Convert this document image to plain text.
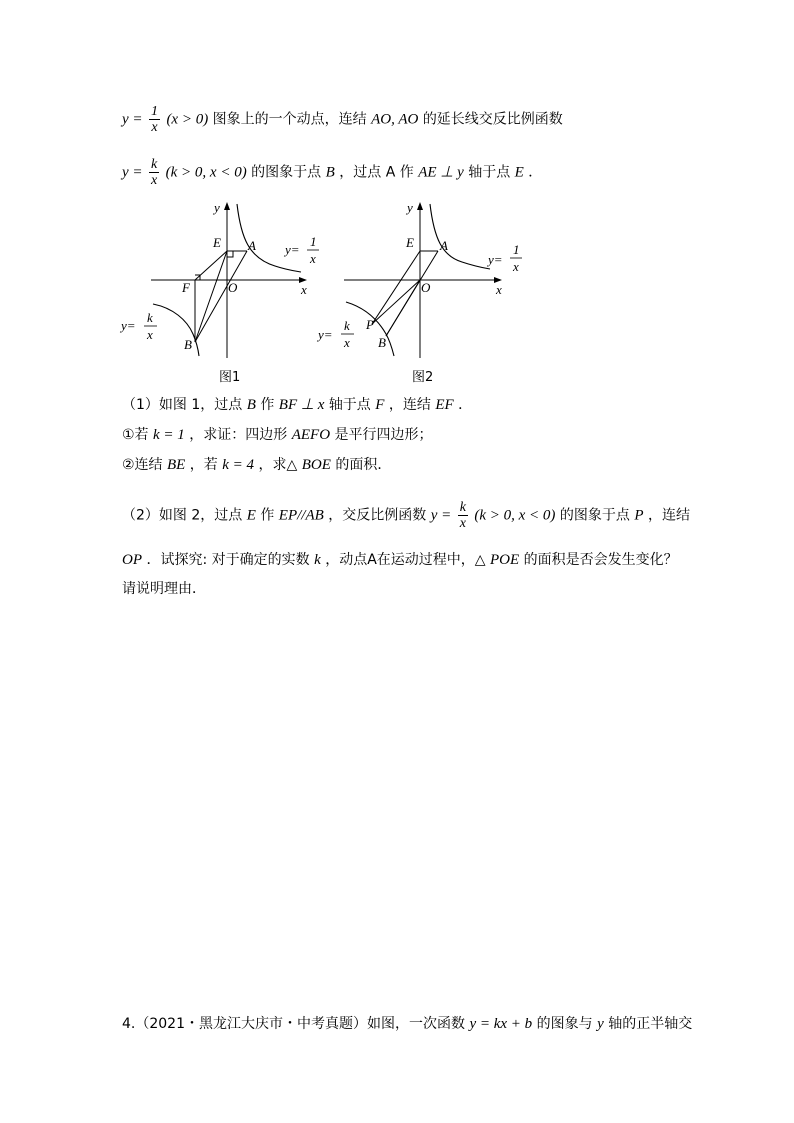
$y = \frac{1}{x} (x > 0)$ 图象上的一个动点，连结 AO, AO 的延长线交反比例函数
$y = \frac{k}{x} (k > 0$, x < 0) 的图象于点 B ，过点 A 作 AE ⊥ y 轴于点 E ．
y
x
E A
F	O
B
y=
1
x
y=
k
x
图1
y
x
E A
O
P
B
y=
1
x
y=
k
x
图2
（1）如图 1，过点 B 作 BF ⊥ x 轴于点 F ，连结 EF ．
①若 k = 1 ，求证：四边形 AEFO 是平行四边形；
②连结 BE ，若 k = 4 ，求△ BOE 的面积．
（2）如图 2，过点 E 作 EP//AB ，交反比例函数 $y = \frac{k}{x} (k > 0$, x < 0) 的图象于点 P ，连结
OP ．试探究: 对于确定的实数 k ，动点A在运动过程中，△ POE 的面积是否会发生变化？
请说明理由．
4.（2021・黑龙江大庆市・中考真题）如图，一次函数 y = kx + b 的图象与 y 轴的正半轴交
